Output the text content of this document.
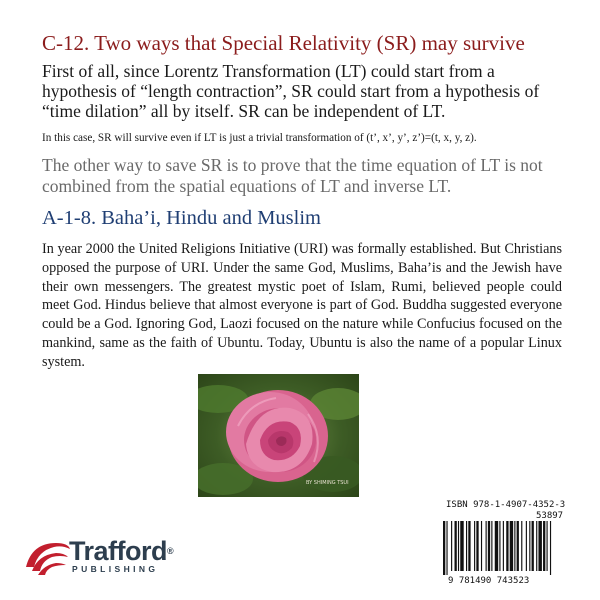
C-12. Two ways that Special Relativity (SR) may survive
First of all, since Lorentz Transformation (LT) could start from a hypothesis of “length contraction”, SR could start from a hypothesis of “time dilation” all by itself. SR can be independent of LT.
In this case, SR will survive even if LT is just a trivial transformation of (t’, x’, y’, z’)=(t, x, y, z).
The other way to save SR is to prove that the time equation of LT is not combined from the spatial equations of LT and inverse LT.
A-1-8. Baha’i, Hindu and Muslim
In year 2000 the United Religions Initiative (URI) was formally established. But Christians opposed the purpose of URI. Under the same God, Muslims, Baha’is and the Jewish have their own messengers. The greatest mystic poet of Islam, Rumi, believed people could meet God. Hindus believe that almost everyone is part of God. Buddha suggested everyone could be a God. Ignoring God, Laozi focused on the nature while Confucius focused on the mankind, same as the faith of Ubuntu. Today, Ubuntu is also the name of a popular Linux system.
BY SHIMING TSUI
ISBN 978-1-4907-4352-3
53897
9 781490 743523
Trafford®
PUBLISHING
